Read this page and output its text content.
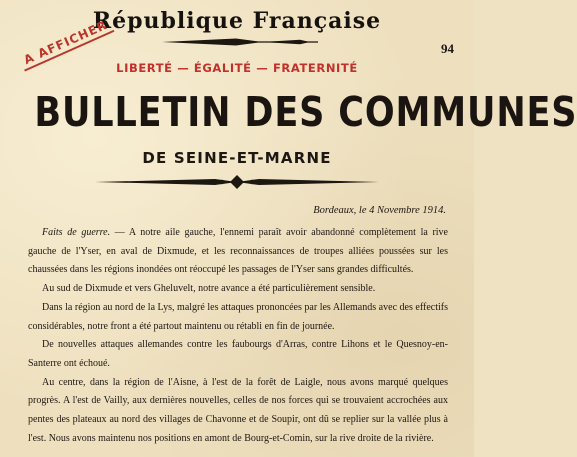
République Française
94
A AFFICHER
LIBERTÉ — ÉGALITÉ — FRATERNITÉ
BULLETIN DES COMMUNES
DE SEINE-ET-MARNE
Bordeaux, le 4 Novembre 1914.

Faits de guerre. — A notre aile gauche, l'ennemi paraît avoir abandonné complètement la rive gauche de l'Yser, en aval de Dixmude, et les reconnaissances de troupes alliées poussées sur les chaussées dans les régions inondées ont réoccupé les passages de l'Yser sans grandes difficultés.

Au sud de Dixmude et vers Gheluvelt, notre avance a été particulièrement sensible.

Dans la région au nord de la Lys, malgré les attaques prononcées par les Allemands avec des effectifs considérables, notre front a été partout maintenu ou rétabli en fin de journée.

De nouvelles attaques allemandes contre les faubourgs d'Arras, contre Lihons et le Quesnoy-en-Santerre ont échoué.

Au centre, dans la région de l'Aisne, à l'est de la forêt de Laigle, nous avons marqué quelques progrès. A l'est de Vailly, aux dernières nouvelles, celles de nos forces qui se trouvaient accrochées aux pentes des plateaux au nord des villages de Chavonne et de Soupir, ont dû se replier sur la vallée plus à l'est. Nous avons maintenu nos positions en amont de Bourg-et-Comin, sur la rive droite de la rivière.
